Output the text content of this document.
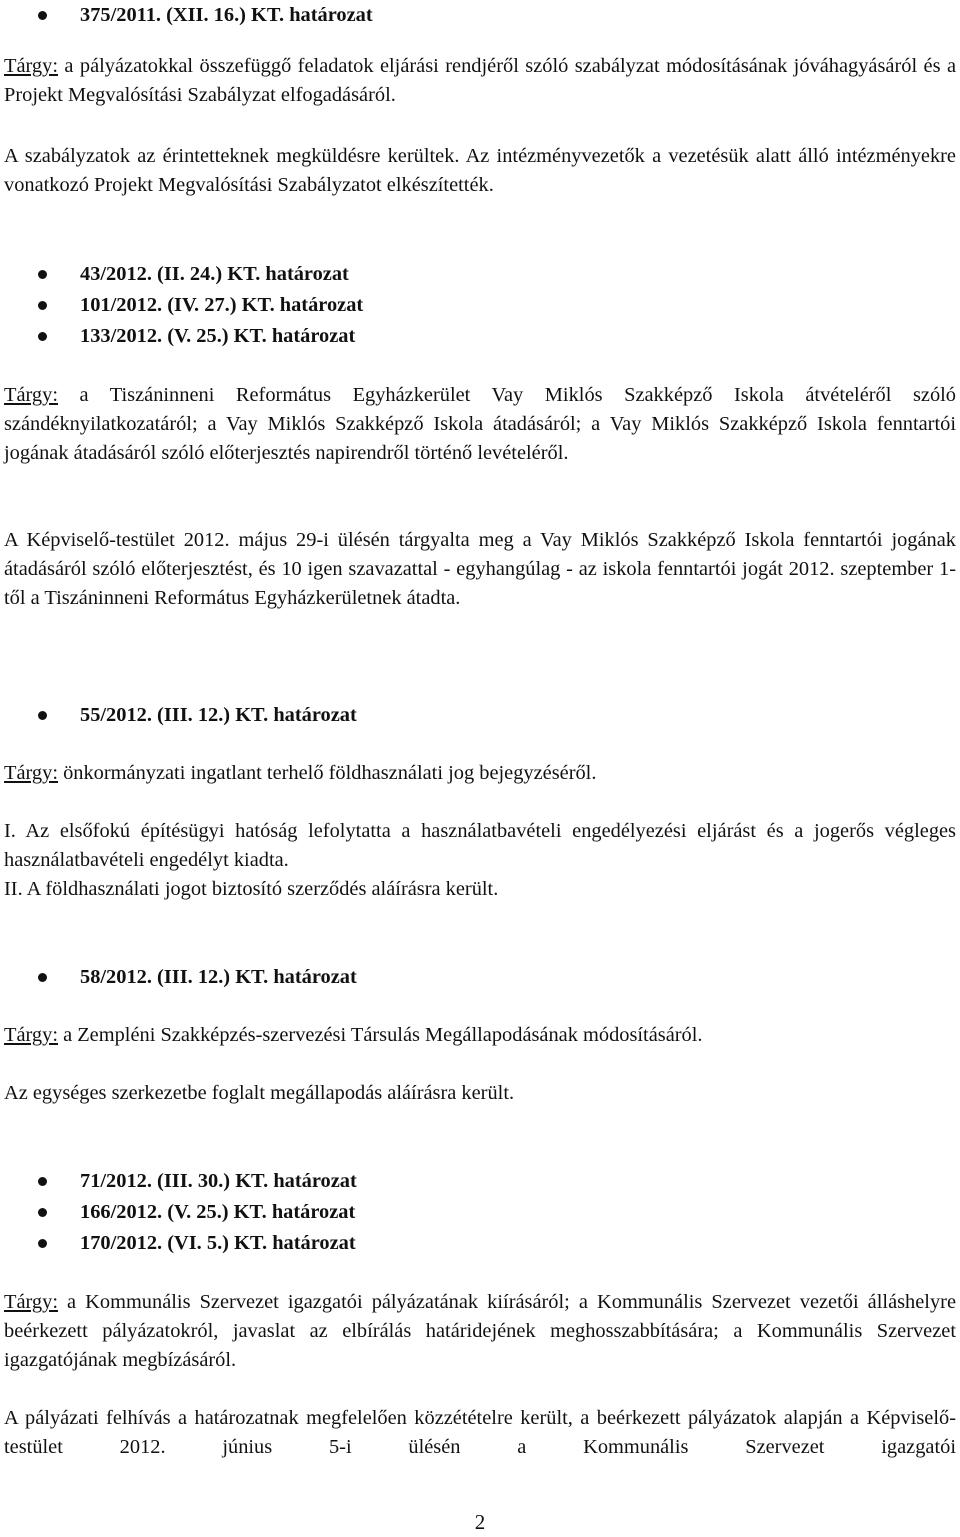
375/2011. (XII. 16.) KT. határozat

Tárgy: a pályázatokkal összefüggő feladatok eljárási rendjéről szóló szabályzat módosításának jóváhagyásáról és a Projekt Megvalósítási Szabályzat elfogadásáról.

A szabályzatok az érintetteknek megküldésre kerültek. Az intézményvezetők a vezetésük alatt álló intézményekre vonatkozó Projekt Megvalósítási Szabályzatot elkészítették.

43/2012. (II. 24.) KT. határozat
101/2012. (IV. 27.) KT. határozat
133/2012. (V. 25.) KT. határozat

Tárgy: a Tiszáninneni Református Egyházkerület Vay Miklós Szakképző Iskola átvételéről szóló szándéknyilatkozatáról; a Vay Miklós Szakképző Iskola átadásáról; a Vay Miklós Szakképző Iskola fenntartói jogának átadásáról szóló előterjesztés napirendről történő levételéről.

A Képviselő-testület 2012. május 29-i ülésén tárgyalta meg a Vay Miklós Szakképző Iskola fenntartói jogának átadásáról szóló előterjesztést, és 10 igen szavazattal - egyhangúlag - az iskola fenntartói jogát 2012. szeptember 1-től a Tiszáninneni Református Egyházkerületnek átadta.

55/2012. (III. 12.) KT. határozat

Tárgy: önkormányzati ingatlant terhelő földhasználati jog bejegyzéséről.

I. Az elsőfokú építésügyi hatóság lefolytatta a használatbavételi engedélyezési eljárást és a jogerős végleges használatbavételi engedélyt kiadta.

II. A földhasználati jogot biztosító szerződés aláírásra került.

58/2012. (III. 12.) KT. határozat

Tárgy: a Zempléni Szakképzés-szervezési Társulás Megállapodásának módosításáról.

Az egységes szerkezetbe foglalt megállapodás aláírásra került.

71/2012. (III. 30.) KT. határozat
166/2012. (V. 25.) KT. határozat
170/2012. (VI. 5.) KT. határozat

Tárgy: a Kommunális Szervezet igazgatói pályázatának kiírásáról; a Kommunális Szervezet vezetői álláshelyre beérkezett pályázatokról, javaslat az elbírálás határidejének meghosszabbítására; a Kommunális Szervezet igazgatójának megbízásáról.

A pályázati felhívás a határozatnak megfelelően közzétételre került, a beérkezett pályázatok alapján a Képviselő-testület 2012. június 5-i ülésén a Kommunális Szervezet igazgatói

2
